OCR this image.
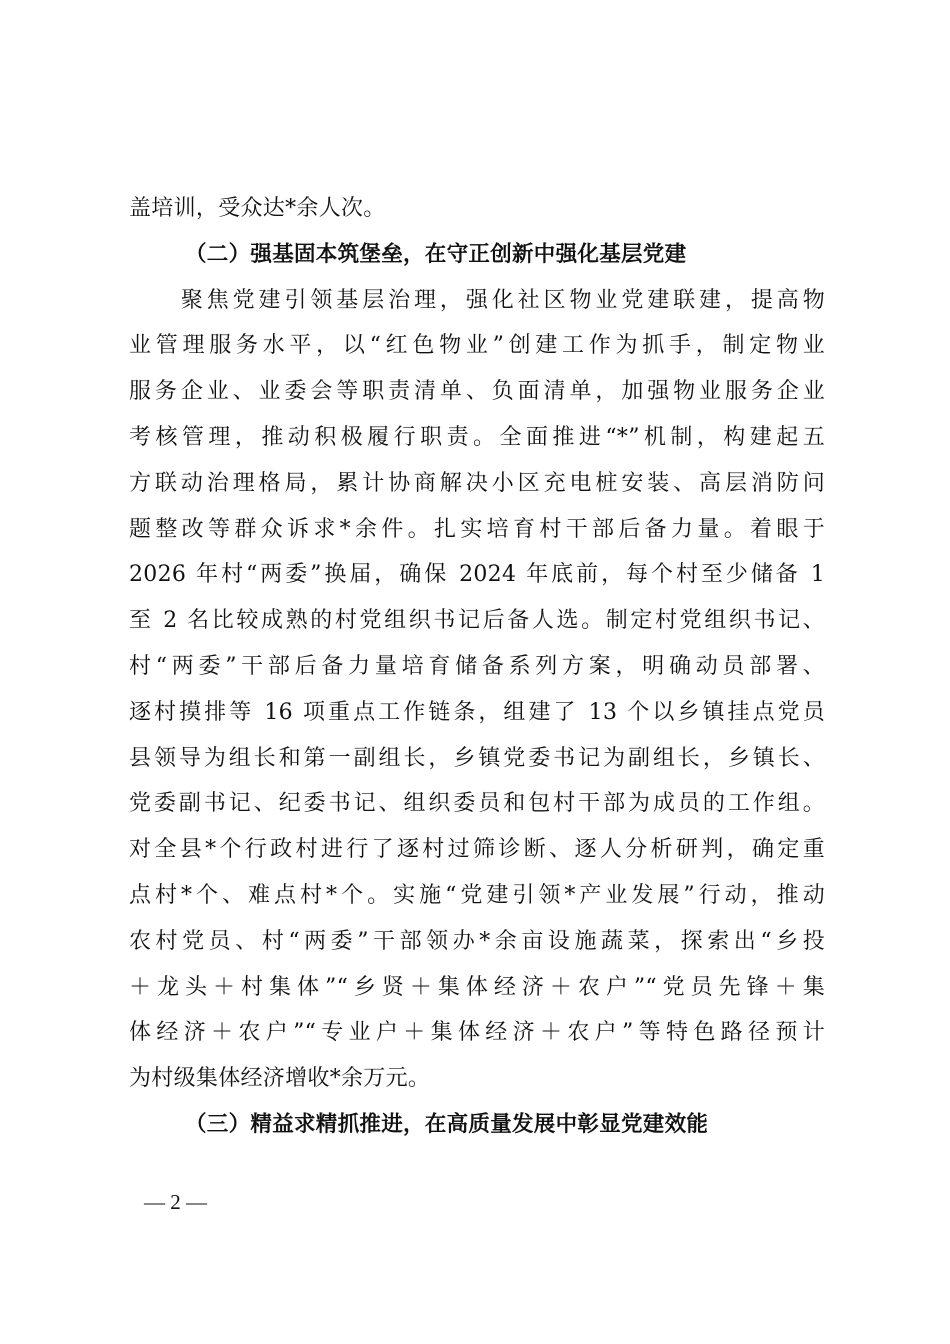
盖培训，受众达*余人次。
（二）强基固本筑堡垒，在守正创新中强化基层党建
　　聚焦党建引领基层治理，强化社区物业党建联建，提高物
业管理服务水平，以“红色物业”创建工作为抓手，制定物业
服务企业、业委会等职责清单、负面清单，加强物业服务企业
考核管理，推动积极履行职责。全面推进“*”机制，构建起五
方联动治理格局，累计协商解决小区充电桩安装、高层消防问
题整改等群众诉求*余件。扎实培育村干部后备力量。着眼于
2026 年村“两委”换届，确保 2024 年底前，每个村至少储备 1
至 2 名比较成熟的村党组织书记后备人选。制定村党组织书记、
村“两委”干部后备力量培育储备系列方案，明确动员部署、
逐村摸排等 16 项重点工作链条，组建了 13 个以乡镇挂点党员
县领导为组长和第一副组长，乡镇党委书记为副组长，乡镇长、
党委副书记、纪委书记、组织委员和包村干部为成员的工作组。
对全县*个行政村进行了逐村过筛诊断、逐人分析研判，确定重
点村*个、难点村*个。实施“党建引领*产业发展”行动，推动
农村党员、村“两委”干部领办*余亩设施蔬菜，探索出“乡投
＋龙头＋村集体”“乡贤＋集体经济＋农户”“党员先锋＋集
体经济＋农户”“专业户＋集体经济＋农户”等特色路径预计
为村级集体经济增收*余万元。
（三）精益求精抓推进，在高质量发展中彰显党建效能
— 2 —
